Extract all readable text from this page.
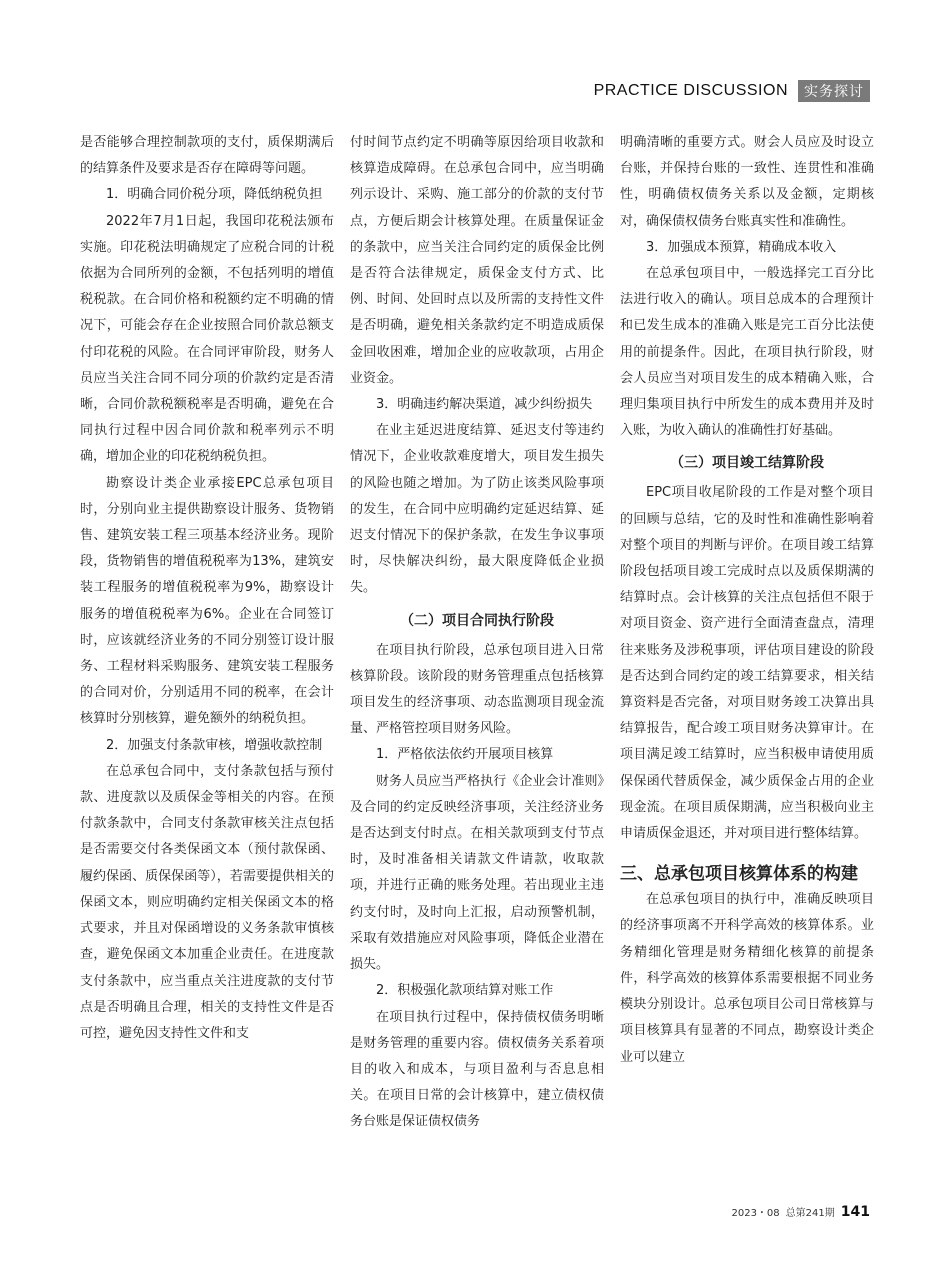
PRACTICE DISCUSSION	实务探讨

是否能够合理控制款项的支付，质保期满后的结算条件及要求是否存在障碍等问题。

1．明确合同价税分项，降低纳税负担

2022年7月1日起，我国印花税法颁布实施。印花税法明确规定了应税合同的计税依据为合同所列的金额，不包括列明的增值税税款。在合同价格和税额约定不明确的情况下，可能会存在企业按照合同价款总额支付印花税的风险。在合同评审阶段，财务人员应当关注合同不同分项的价款约定是否清晰，合同价款税额税率是否明确，避免在合同执行过程中因合同价款和税率列示不明确，增加企业的印花税纳税负担。

勘察设计类企业承接EPC总承包项目时，分别向业主提供勘察设计服务、货物销售、建筑安装工程三项基本经济业务。现阶段，货物销售的增值税税率为13%，建筑安装工程服务的增值税税率为9%，勘察设计服务的增值税税率为6%。企业在合同签订时，应该就经济业务的不同分别签订设计服务、工程材料采购服务、建筑安装工程服务的合同对价，分别适用不同的税率，在会计核算时分别核算，避免额外的纳税负担。

2．加强支付条款审核，增强收款控制

在总承包合同中，支付条款包括与预付款、进度款以及质保金等相关的内容。在预付款条款中，合同支付条款审核关注点包括是否需要交付各类保函文本（预付款保函、履约保函、质保保函等），若需要提供相关的保函文本，则应明确约定相关保函文本的格式要求，并且对保函增设的义务条款审慎核查，避免保函文本加重企业责任。在进度款支付条款中，应当重点关注进度款的支付节点是否明确且合理，相关的支持性文件是否可控，避免因支持性文件和支

付时间节点约定不明确等原因给项目收款和核算造成障碍。在总承包合同中，应当明确列示设计、采购、施工部分的价款的支付节点，方便后期会计核算处理。在质量保证金的条款中，应当关注合同约定的质保金比例是否符合法律规定，质保金支付方式、比例、时间、处回时点以及所需的支持性文件是否明确，避免相关条款约定不明造成质保金回收困难，增加企业的应收款项，占用企业资金。

3．明确违约解决渠道，减少纠纷损失

在业主延迟进度结算、延迟支付等违约情况下，企业收款难度增大，项目发生损失的风险也随之增加。为了防止该类风险事项的发生，在合同中应明确约定延迟结算、延迟支付情况下的保护条款，在发生争议事项时，尽快解决纠纷，最大限度降低企业损失。

（二）项目合同执行阶段

在项目执行阶段，总承包项目进入日常核算阶段。该阶段的财务管理重点包括核算项目发生的经济事项、动态监测项目现金流量、严格管控项目财务风险。

1．严格依法依约开展项目核算

财务人员应当严格执行《企业会计准则》及合同的约定反映经济事项，关注经济业务是否达到支付时点。在相关款项到支付节点时，及时准备相关请款文件请款，收取款项，并进行正确的账务处理。若出现业主违约支付时，及时向上汇报，启动预警机制，采取有效措施应对风险事项，降低企业潜在损失。

2．积极强化款项结算对账工作

在项目执行过程中，保持债权债务明晰是财务管理的重要内容。债权债务关系着项目的收入和成本，与项目盈利与否息息相关。在项目日常的会计核算中，建立债权债务台账是保证债权债务

明确清晰的重要方式。财会人员应及时设立台账，并保持台账的一致性、连贯性和准确性，明确债权债务关系以及金额，定期核对，确保债权债务台账真实性和准确性。

3．加强成本预算，精确成本收入

在总承包项目中，一般选择完工百分比法进行收入的确认。项目总成本的合理预计和已发生成本的准确入账是完工百分比法使用的前提条件。因此，在项目执行阶段，财会人员应当对项目发生的成本精确入账，合理归集项目执行中所发生的成本费用并及时入账，为收入确认的准确性打好基础。

（三）项目竣工结算阶段

EPC项目收尾阶段的工作是对整个项目的回顾与总结，它的及时性和准确性影响着对整个项目的判断与评价。在项目竣工结算阶段包括项目竣工完成时点以及质保期满的结算时点。会计核算的关注点包括但不限于对项目资金、资产进行全面清查盘点，清理往来账务及涉税事项，评估项目建设的阶段是否达到合同约定的竣工结算要求，相关结算资料是否完备，对项目财务竣工决算出具结算报告，配合竣工项目财务决算审计。在项目满足竣工结算时，应当积极申请使用质保保函代替质保金，减少质保金占用的企业现金流。在项目质保期满，应当积极向业主申请质保金退还，并对项目进行整体结算。

三、总承包项目核算体系的构建

在总承包项目的执行中，准确反映项目的经济事项离不开科学高效的核算体系。业务精细化管理是财务精细化核算的前提条件，科学高效的核算体系需要根据不同业务模块分别设计。总承包项目公司日常核算与项目核算具有显著的不同点，勘察设计类企业可以建立

2023・08 总第241期 141
